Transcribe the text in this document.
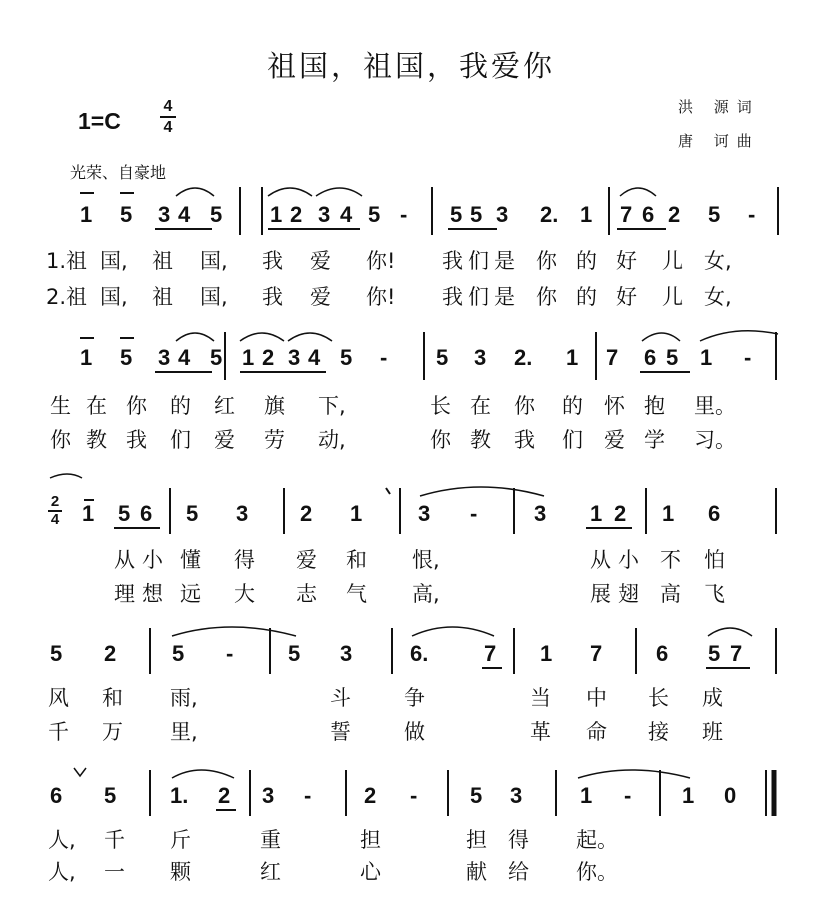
祖国，祖国，我爱你
1=C
4
4
洪 源词
唐 诃曲
光荣、自豪地
1 5 3 4 5 1 2 3 4 5 - 5 5 3 2. 1 7 6 2 5 -
1.祖 国, 祖 国, 我 爱 你! 我 们 是 你 的 好 儿 女,
2.祖 国, 祖 国, 我 爱 你! 我 们 是 你 的 好 儿 女,
1 5 3 4 5 1 2 3 4 5 - 5 3 2. 1 7 6 5 1 -
生 在 你 的 红 旗 下,	长 在 你 的 怀 抱 里。
你 教 我 们 爱 劳 动,	你 教 我 们 爱 学 习。
2
4 1 5 6 5 3 2 1	3 -	3 1 2 1 6
从 小 懂 得 爱 和 恨,	从 小 不 怕
理 想 远 大 志 气 高,	展 翅 高 飞
5 2	5 - 5 3	6.	7 1 7 6 5 7
风 和 雨,	斗	争	当 中 长 成
千 万 里,	誓	做	革 命 接 班
6 5 1. 2 3 - 2 - 5 3	1 - 1 0
人, 千 斤	重	担	担 得 起。
人, 一 颗	红	心	献 给 你。
